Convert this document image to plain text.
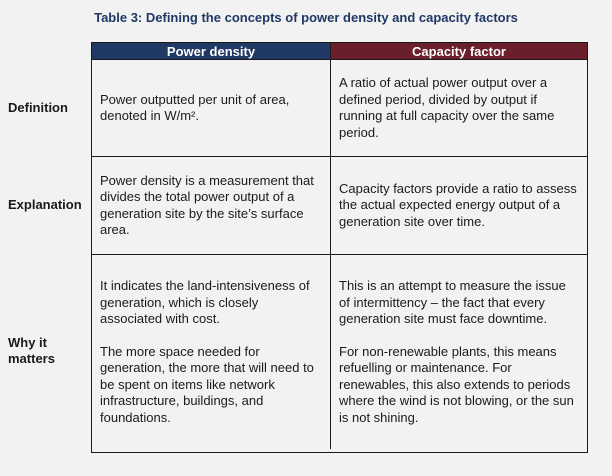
Table 3: Defining the concepts of power density and capacity factors
Definition
Explanation
Why it matters
Power density	Capacity factor

Power outputted per unit of area, denoted in W/m².

A ratio of actual power output over a defined period, divided by output if running at full capacity over the same period.

Power density is a measurement that divides the total power output of a generation site by the site’s surface area.

Capacity factors provide a ratio to assess the actual expected energy output of a generation site over time.

It indicates the land-intensiveness of generation, which is closely associated with cost.

The more space needed for generation, the more that will need to be spent on items like network infrastructure, buildings, and foundations.

This is an attempt to measure the issue of intermittency – the fact that every generation site must face downtime.

For non-renewable plants, this means refuelling or maintenance. For renewables, this also extends to periods where the wind is not blowing, or the sun is not shining.
